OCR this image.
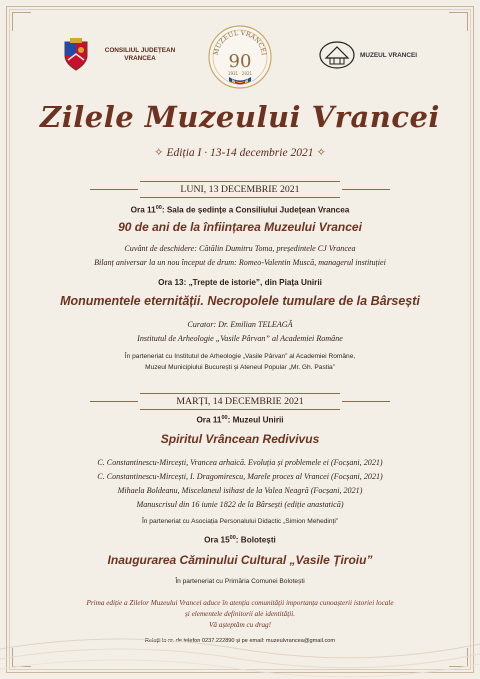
CONSILIUL JUDEȚEAN
VRANCEA
MUZEUL VRANCEI
90
1931 · 2021
MUZEUL VRANCEI
Zilele Muzeului Vrancei
✧ Ediția I · 13-14 decembrie 2021 ✧
LUNI, 13 DECEMBRIE 2021
Ora $11^{00}$: Sala de ședințe a Consiliului Județean Vrancea
90 de ani de la înființarea Muzeului Vrancei
Cuvânt de deschidere: Cătălin Dumitru Toma, președintele CJ Vrancea
Bilanț aniversar la un nou început de drum: Romeo-Valentin Muscă, managerul instituției
Ora 13: „Trepte de istorie”, din Piața Unirii
Monumentele eternității. Necropolele tumulare de la Bârsești
Curator: Dr. Emilian TELEAGĂ
Institutul de Arheologie „Vasile Pârvan” al Academiei Române
În parteneriat cu Institutul de Arheologie „Vasile Pârvan” al Academiei Române,
Muzeul Municipiului București și Ateneul Popular „Mr. Gh. Pastia”
MARȚI, 14 DECEMBRIE 2021
Ora $11^{00}$: Muzeul Unirii
Spiritul Vrâncean Redivivus
C. Constantinescu-Mircești, Vrancea arhaică. Evoluția și problemele ei (Focșani, 2021)
C. Constantinescu-Mircești, I. Dragomirescu, Marele proces al Vrancei (Focșani, 2021)
Mihaela Boldeanu, Miscelaneul isihast de la Valea Neagră (Focșani, 2021)
Manuscrisul din 16 iunie 1822 de la Bârsești (ediție anastatică)
În parteneriat cu Asociația Personalului Didactic „Simion Mehedinți”
Ora $15^{00}$: Bolotești
Inaugurarea Căminului Cultural „Vasile Țiroiu”
În parteneriat cu Primăria Comunei Bolotești
Prima ediție a Zilelor Muzeului Vrancei aduce în atenția comunității importanța cunoașterii istoriei locale
și elementele definitorii ale identității.
Vă așteptăm cu drag!
Relații la nr. de telefon 0237.222890 și pe email: muzeulvrancea@gmail.com
